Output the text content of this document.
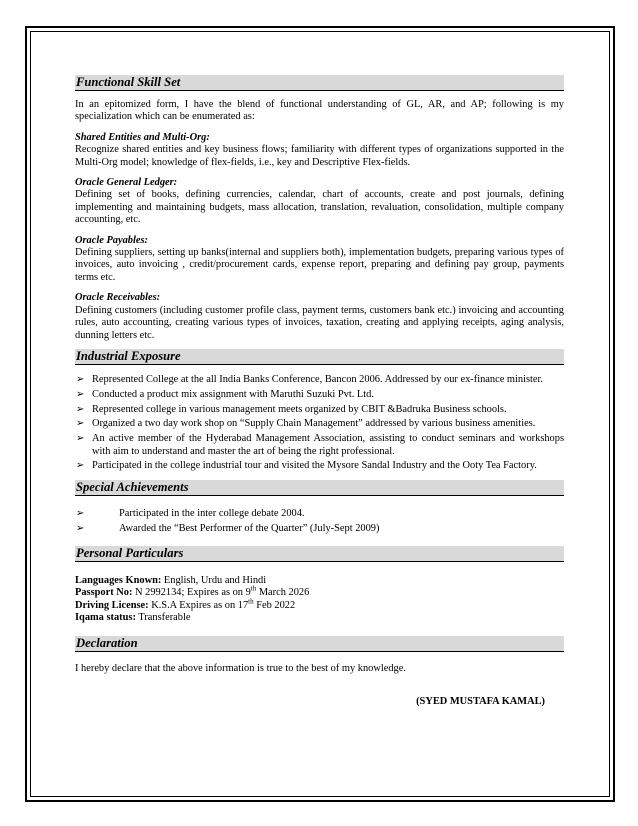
Functional Skill Set

In an epitomized form, I have the blend of functional understanding of GL, AR, and AP; following is my specialization which can be enumerated as:

Shared Entities and Multi-Org:

Recognize shared entities and key business flows; familiarity with different types of organizations supported in the Multi-Org model; knowledge of flex-fields, i.e., key and Descriptive Flex-fields.

Oracle General Ledger:

Defining set of books, defining currencies, calendar, chart of accounts, create and post journals, defining implementing and maintaining budgets, mass allocation, translation, revaluation, consolidation, multiple company accounting, etc.

Oracle Payables:

Defining suppliers, setting up banks(internal and suppliers both), implementation budgets, preparing various types of invoices, auto invoicing , credit/procurement cards, expense report, preparing and defining pay group, payments terms etc.

Oracle Receivables:

Defining customers (including customer profile class, payment terms, customers bank etc.) invoicing and accounting rules, auto accounting, creating various types of invoices, taxation, creating and applying receipts, aging analysis, dunning letters etc.

Industrial Exposure
➢ Represented College at the all India Banks Conference, Bancon 2006. Addressed by our ex-finance minister.
➢ Conducted a product mix assignment with Maruthi Suzuki Pvt. Ltd.
➢ Represented college in various management meets organized by CBIT &Badruka Business schools.
➢ Organized a two day work shop on “Supply Chain Management” addressed by various business amenities.
➢ An active member of the Hyderabad Management Association, assisting to conduct seminars and workshops with aim to understand and master the art of being the right professional.
➢ Participated in the college industrial tour and visited the Mysore Sandal Industry and the Ooty Tea Factory.
Special Achievements
➢	Participated in the inter college debate 2004.
➢	Awarded the “Best Performer of the Quarter” (July-Sept 2009)
Personal Particulars
Languages Known: English, Urdu and Hindi
Passport No: N 2992134; Expires as on 9th March 2026
Driving License: K.S.A Expires as on 17th Feb 2022
Iqama status: Transferable
Declaration

I hereby declare that the above information is true to the best of my knowledge.

(SYED MUSTAFA KAMAL)
